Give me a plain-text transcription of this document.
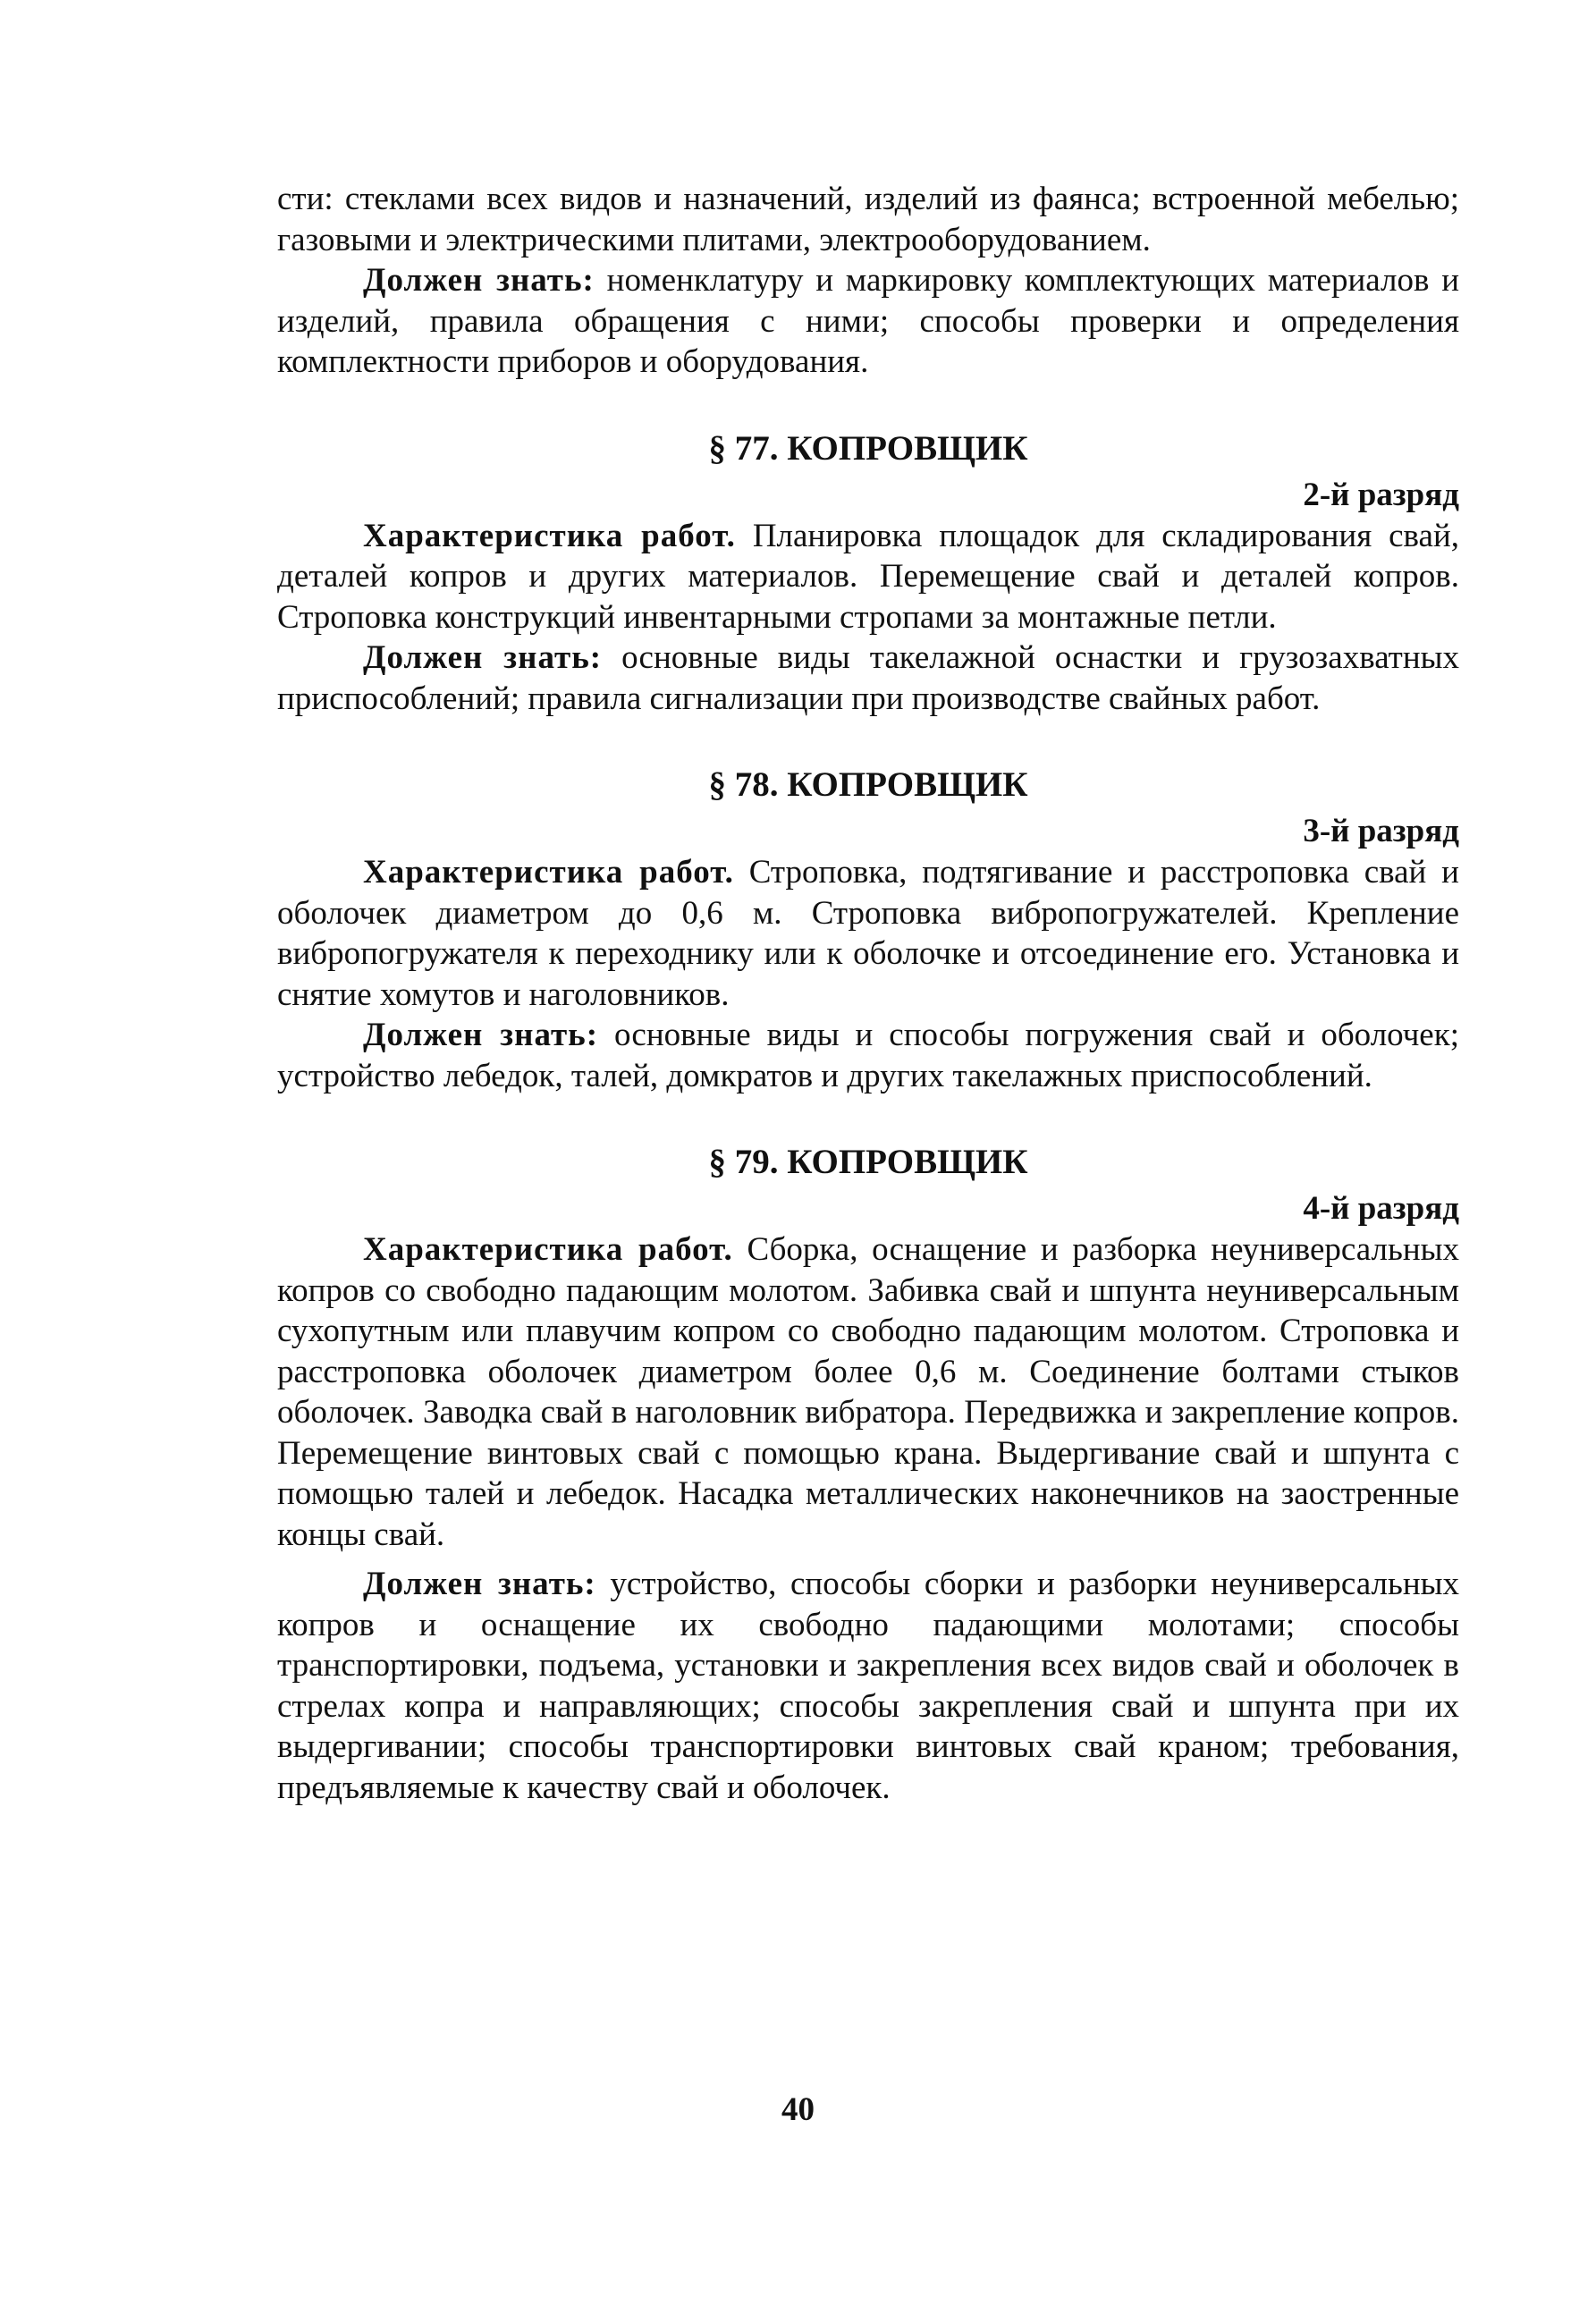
сти: стеклами всех видов и назначений, изделий из фаянса; встроенной мебелью; газовыми и электрическими плитами, электрооборудованием.

Должен знать: номенклатуру и маркировку комплектующих материалов и изделий, правила обращения с ними; способы проверки и определения комплектности приборов и оборудования.

§ 77. КОПРОВЩИК

2-й разряд

Характеристика работ. Планировка площадок для складирования свай, деталей копров и других материалов. Перемещение свай и деталей копров. Строповка конструкций инвентарными стропами за монтажные петли.

Должен знать: основные виды такелажной оснастки и грузозахватных приспособлений; правила сигнализации при производстве свайных работ.

§ 78. КОПРОВЩИК

3-й разряд

Характеристика работ. Строповка, подтягивание и расстроповка свай и оболочек диаметром до 0,6 м. Строповка вибропогружателей. Крепление вибропогружателя к переходнику или к оболочке и отсоединение его. Установка и снятие хомутов и наголовников.

Должен знать: основные виды и способы погружения свай и оболочек; устройство лебедок, талей, домкратов и других такелажных приспособлений.

§ 79. КОПРОВЩИК

4-й разряд

Характеристика работ. Сборка, оснащение и разборка неуниверсальных копров со свободно падающим молотом. Забивка свай и шпунта неуниверсальным сухопутным или плавучим копром со свободно падающим молотом. Строповка и расстроповка оболочек диаметром более 0,6 м. Соединение болтами стыков оболочек. Заводка свай в наголовник вибратора. Передвижка и закрепление копров. Перемещение винтовых свай с помощью крана. Выдергивание свай и шпунта с помощью талей и лебедок. Насадка металлических наконечников на заостренные концы свай.

Должен знать: устройство, способы сборки и разборки неуниверсальных копров и оснащение их свободно падающими молотами; способы транспортировки, подъема, установки и закрепления всех видов свай и оболочек в стрелах копра и направляющих; способы закрепления свай и шпунта при их выдергивании; способы транспортировки винтовых свай краном; требования, предъявляемые к качеству свай и оболочек.

40
